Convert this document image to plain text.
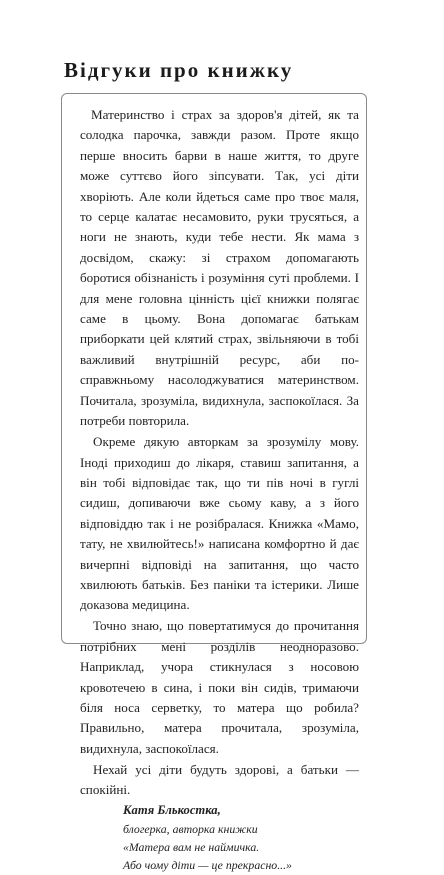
Відгуки про книжку

Материнство і страх за здоров'я дітей, як та солодка парочка, завжди разом. Проте якщо перше вносить барви в наше життя, то друге може суттєво його зіпсувати. Так, усі діти хворіють. Але коли йдеться саме про твоє маля, то серце калатає несамовито, руки трусяться, а ноги не знають, куди тебе нести. Як мама з досвідом, скажу: зі страхом допомагають боротися обізнаність і розуміння суті проблеми. І для мене головна цінність цієї книжки полягає саме в цьому. Вона допомагає батькам приборкати цей клятий страх, звільняючи в тобі важливий внутрішній ресурс, аби по-справжньому насолоджуватися материнством. Почитала, зрозуміла, видихнула, заспокоїлася. За потреби повторила.

Окреме дякую авторкам за зрозумілу мову. Іноді приходиш до лікаря, ставиш запитання, а він тобі відповідає так, що ти пів ночі в гуглі сидиш, допиваючи вже сьому каву, а з його відповіддю так і не розібралася. Книжка «Мамо, тату, не хвилюйтесь!» написана комфортно й дає вичерпні відповіді на запитання, що часто хвилюють батьків. Без паніки та істерики. Лише доказова медицина.

Точно знаю, що повертатимуся до прочитання потрібних мені розділів неодноразово. Наприклад, учора стикнулася з носовою кровотечею в сина, і поки він сидів, тримаючи біля носа серветку, то матера що робила? Правильно, матера прочитала, зрозуміла, видихнула, заспокоїлася.

Нехай усі діти будуть здорові, а батьки — спокійні.

Катя Блькостка,
блогерка, авторка книжки
«Матера вам не наймичка.
Або чому діти — це прекрасно...»
